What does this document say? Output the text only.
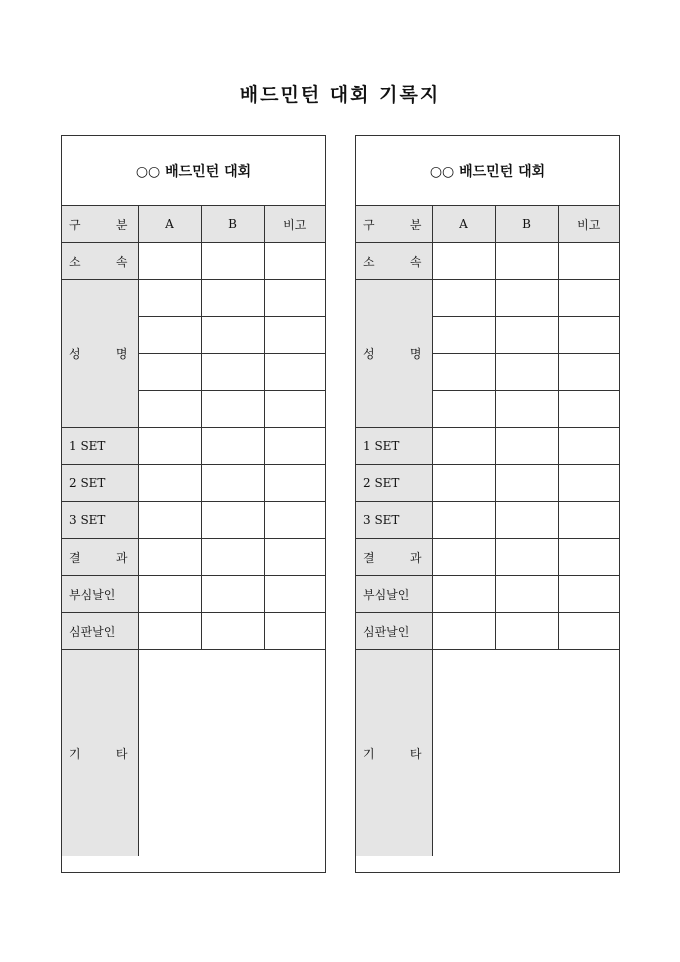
배드민턴 대회 기록지
○○ 배드민턴 대회			

구 분	A	B	비고

소 속			

성 명			

1 SET			
2 SET			
3 SET			

결 과			

부심날인			
심판날인			

기 타			

○○ 배드민턴 대회			

구 분	A	B	비고

소 속			

성 명			

1 SET			
2 SET			
3 SET			

결 과			

부심날인			
심판날인			

기 타			
